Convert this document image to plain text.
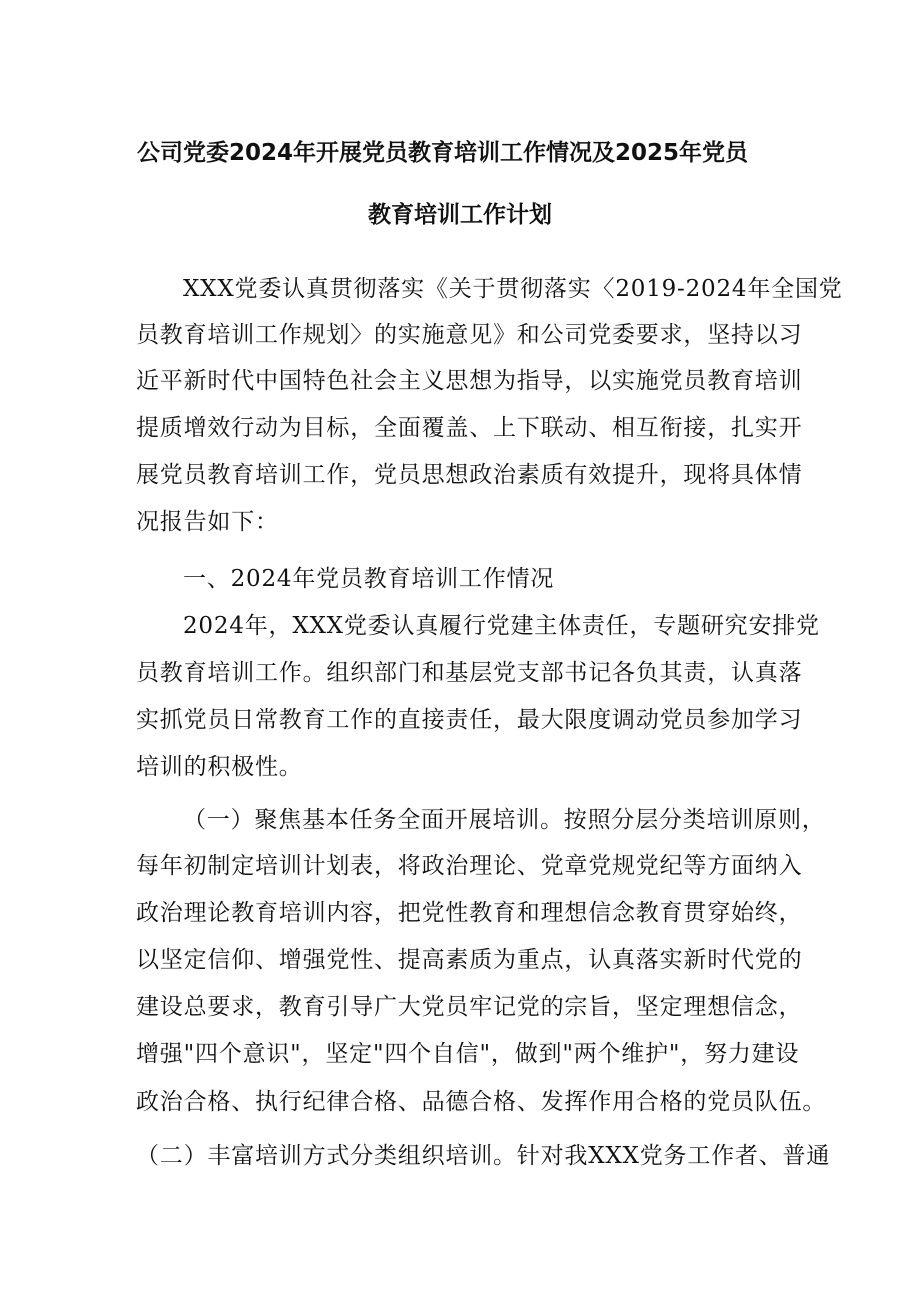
公司党委2024年开展党员教育培训工作情况及2025年党员
教育培训工作计划
XXX党委认真贯彻落实《关于贯彻落实〈2019-2024年全国党
员教育培训工作规划〉的实施意见》和公司党委要求，坚持以习
近平新时代中国特色社会主义思想为指导，以实施党员教育培训
提质增效行动为目标，全面覆盖、上下联动、相互衔接，扎实开
展党员教育培训工作，党员思想政治素质有效提升，现将具体情
况报告如下：
一、2024年党员教育培训工作情况
2024年，XXX党委认真履行党建主体责任，专题研究安排党
员教育培训工作。组织部门和基层党支部书记各负其责，认真落
实抓党员日常教育工作的直接责任，最大限度调动党员参加学习
培训的积极性。
（一）聚焦基本任务全面开展培训。按照分层分类培训原则，
每年初制定培训计划表，将政治理论、党章党规党纪等方面纳入
政治理论教育培训内容，把党性教育和理想信念教育贯穿始终，
以坚定信仰、增强党性、提高素质为重点，认真落实新时代党的
建设总要求，教育引导广大党员牢记党的宗旨，坚定理想信念，
增强"四个意识"，坚定"四个自信"，做到"两个维护"，努力建设
政治合格、执行纪律合格、品德合格、发挥作用合格的党员队伍。
（二）丰富培训方式分类组织培训。针对我XXX党务工作者、普通
